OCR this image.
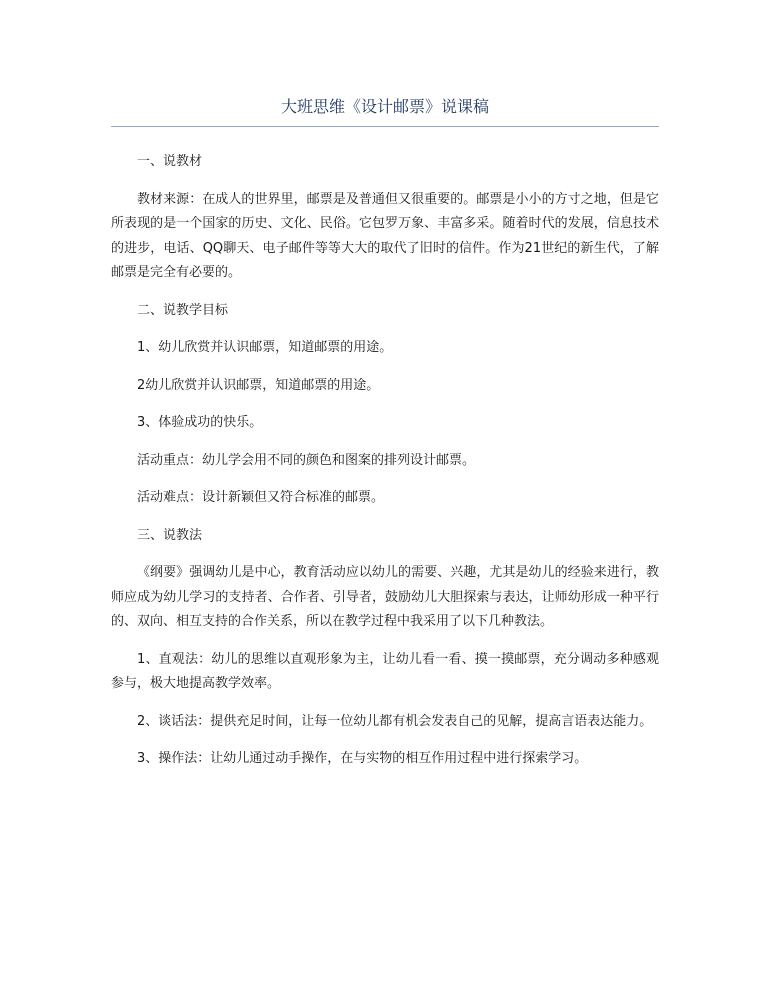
大班思维《设计邮票》说课稿

一、说教材

教材来源：在成人的世界里，邮票是及普通但又很重要的。邮票是小小的方寸之地，但是它所表现的是一个国家的历史、文化、民俗。它包罗万象、丰富多采。随着时代的发展，信息技术的进步，电话、QQ聊天、电子邮件等等大大的取代了旧时的信件。作为21世纪的新生代，了解邮票是完全有必要的。

二、说教学目标

1、幼儿欣赏并认识邮票，知道邮票的用途。

2幼儿欣赏并认识邮票，知道邮票的用途。

3、体验成功的快乐。

活动重点：幼儿学会用不同的颜色和图案的排列设计邮票。

活动难点：设计新颖但又符合标准的邮票。

三、说教法

《纲要》强调幼儿是中心，教育活动应以幼儿的需要、兴趣，尤其是幼儿的经验来进行，教师应成为幼儿学习的支持者、合作者、引导者，鼓励幼儿大胆探索与表达，让师幼形成一种平行的、双向、相互支持的合作关系，所以在教学过程中我采用了以下几种教法。

1、直观法：幼儿的思维以直观形象为主，让幼儿看一看、摸一摸邮票，充分调动多种感观参与，极大地提高教学效率。

2、谈话法：提供充足时间，让每一位幼儿都有机会发表自己的见解，提高言语表达能力。

3、操作法：让幼儿通过动手操作，在与实物的相互作用过程中进行探索学习。
